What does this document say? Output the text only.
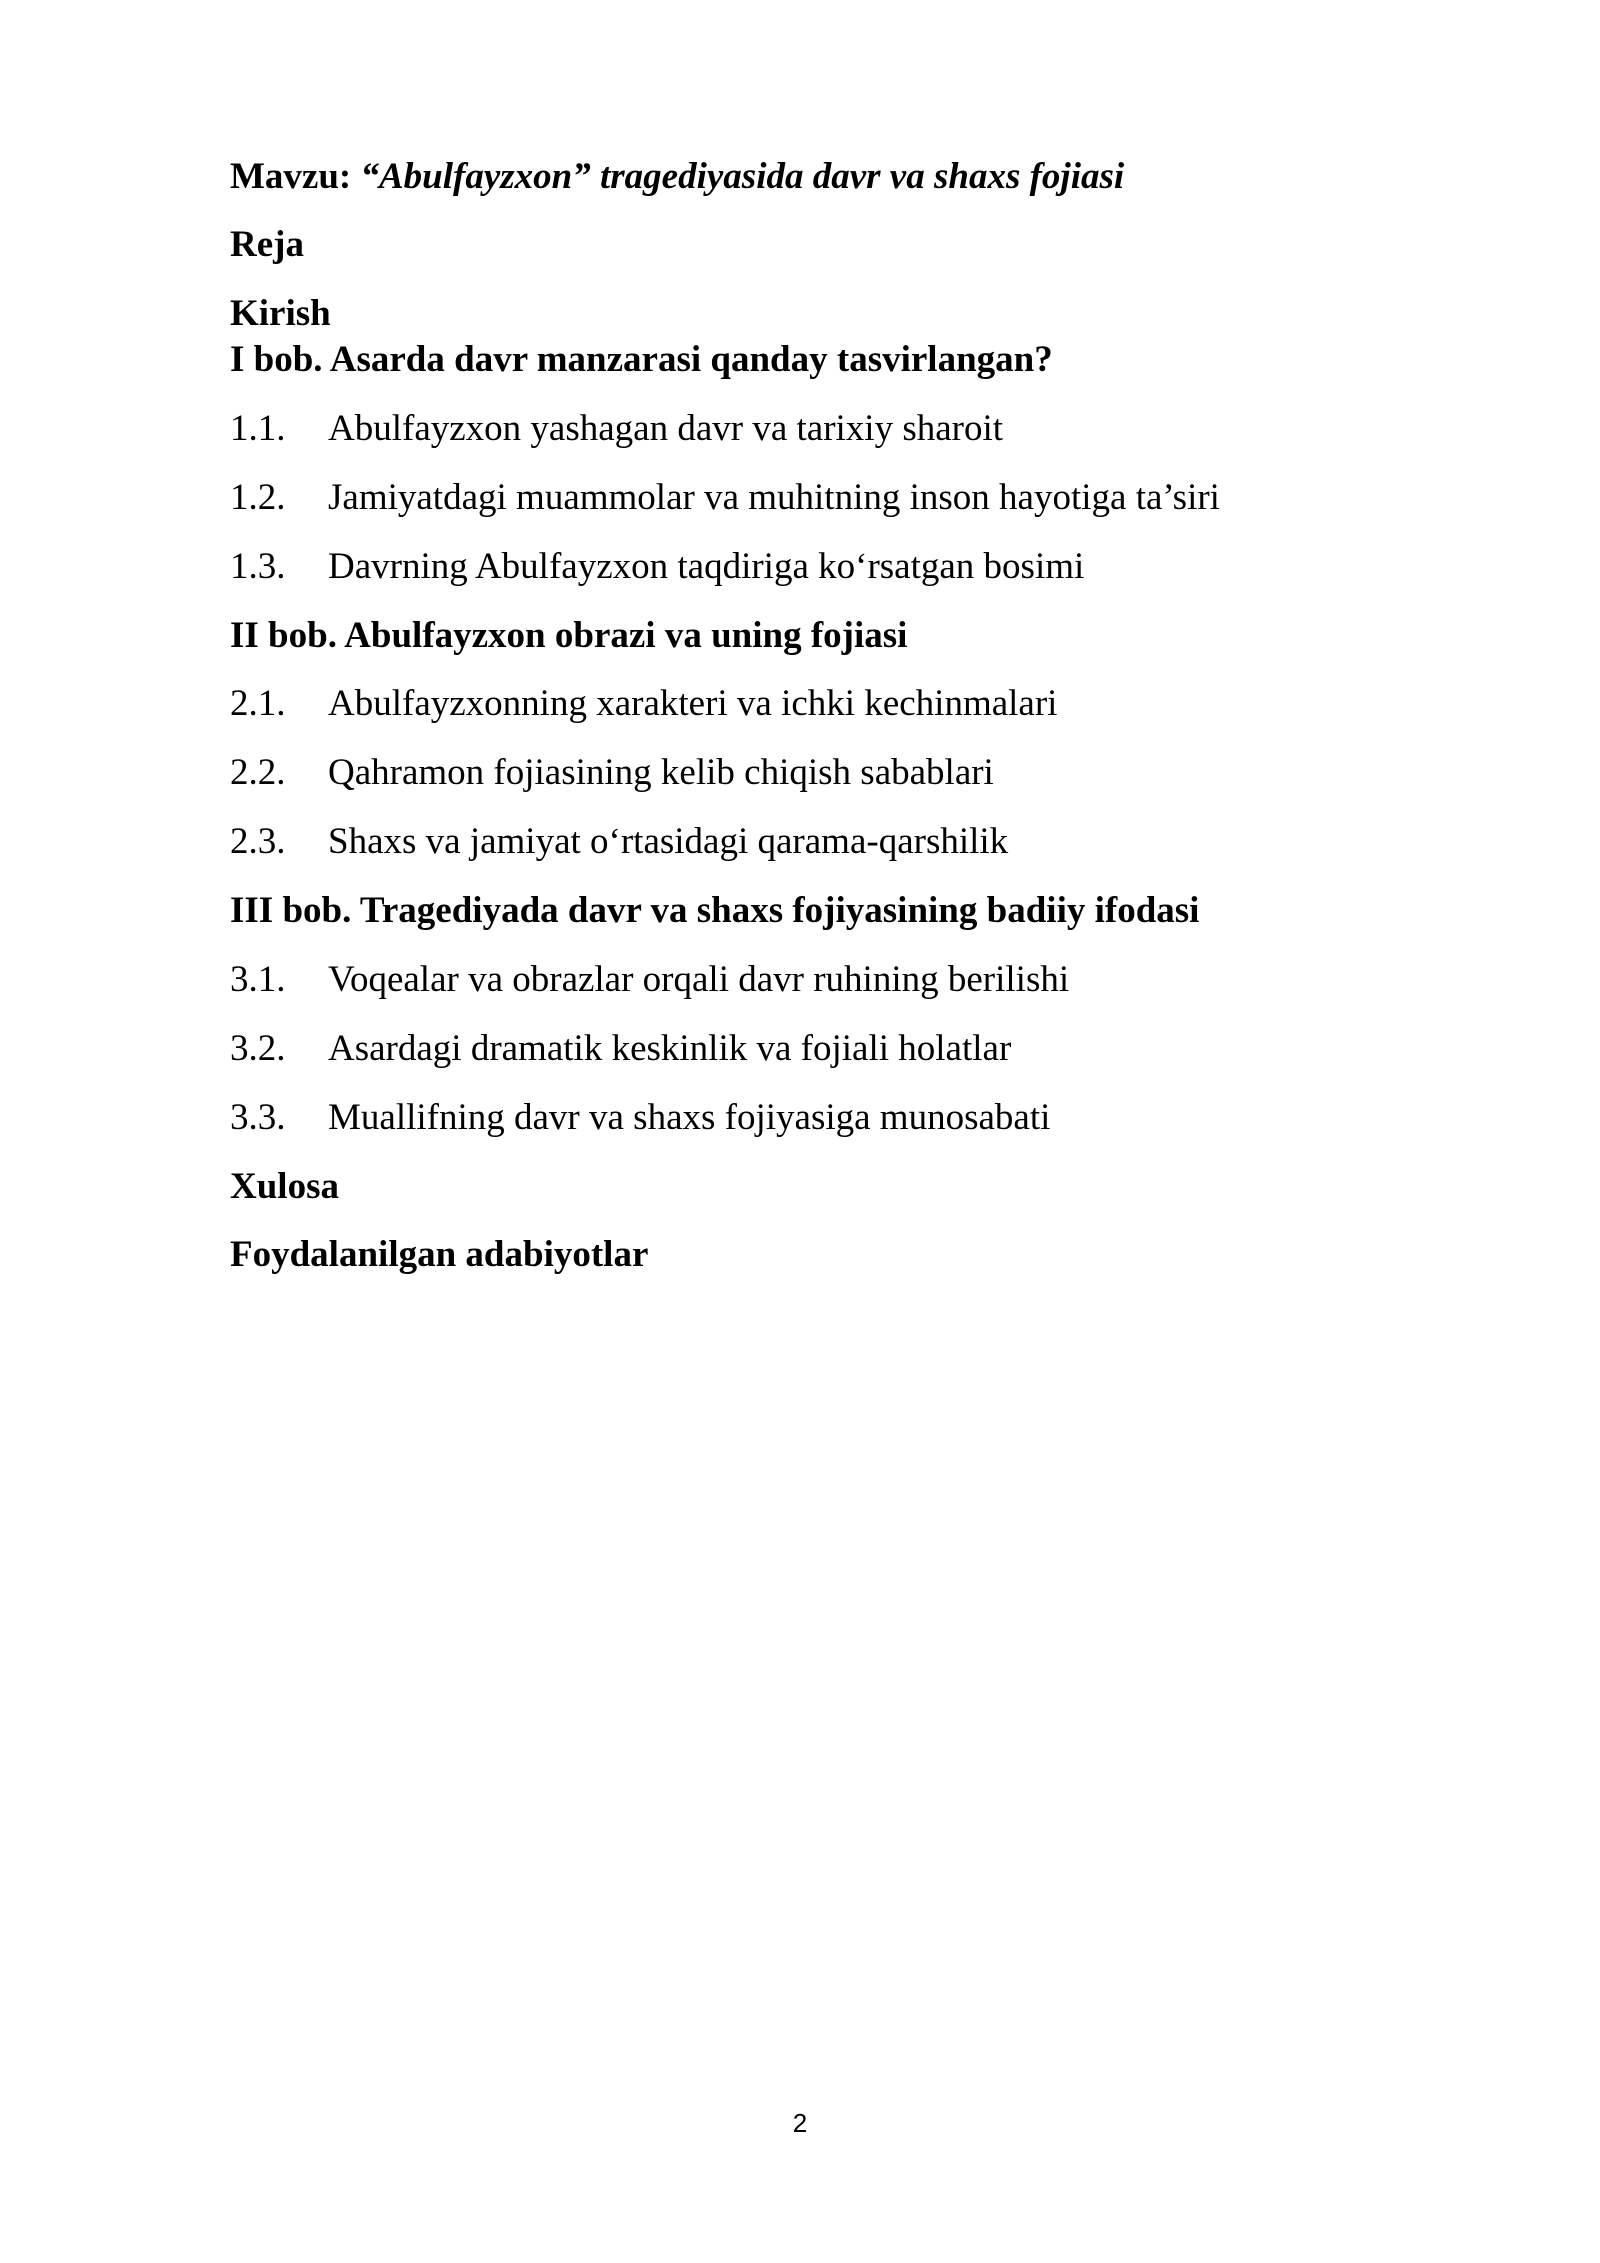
Mavzu: “Abulfayzxon” tragediyasida davr va shaxs fojiasi
Reja
Kirish
I bob. Asarda davr manzarasi qanday tasvirlangan?
1.1.	Abulfayzxon yashagan davr va tarixiy sharoit
1.2.	Jamiyatdagi muammolar va muhitning inson hayotiga ta’siri
1.3.	Davrning Abulfayzxon taqdiriga ko‘rsatgan bosimi
II bob. Abulfayzxon obrazi va uning fojiasi
2.1.	Abulfayzxonning xarakteri va ichki kechinmalari
2.2.	Qahramon fojiasining kelib chiqish sabablari
2.3.	Shaxs va jamiyat o‘rtasidagi qarama-qarshilik
III bob. Tragediyada davr va shaxs fojiyasining badiiy ifodasi
3.1.	Voqealar va obrazlar orqali davr ruhining berilishi
3.2.	Asardagi dramatik keskinlik va fojiali holatlar
3.3.	Muallifning davr va shaxs fojiyasiga munosabati
Xulosa
Foydalanilgan adabiyotlar
2
